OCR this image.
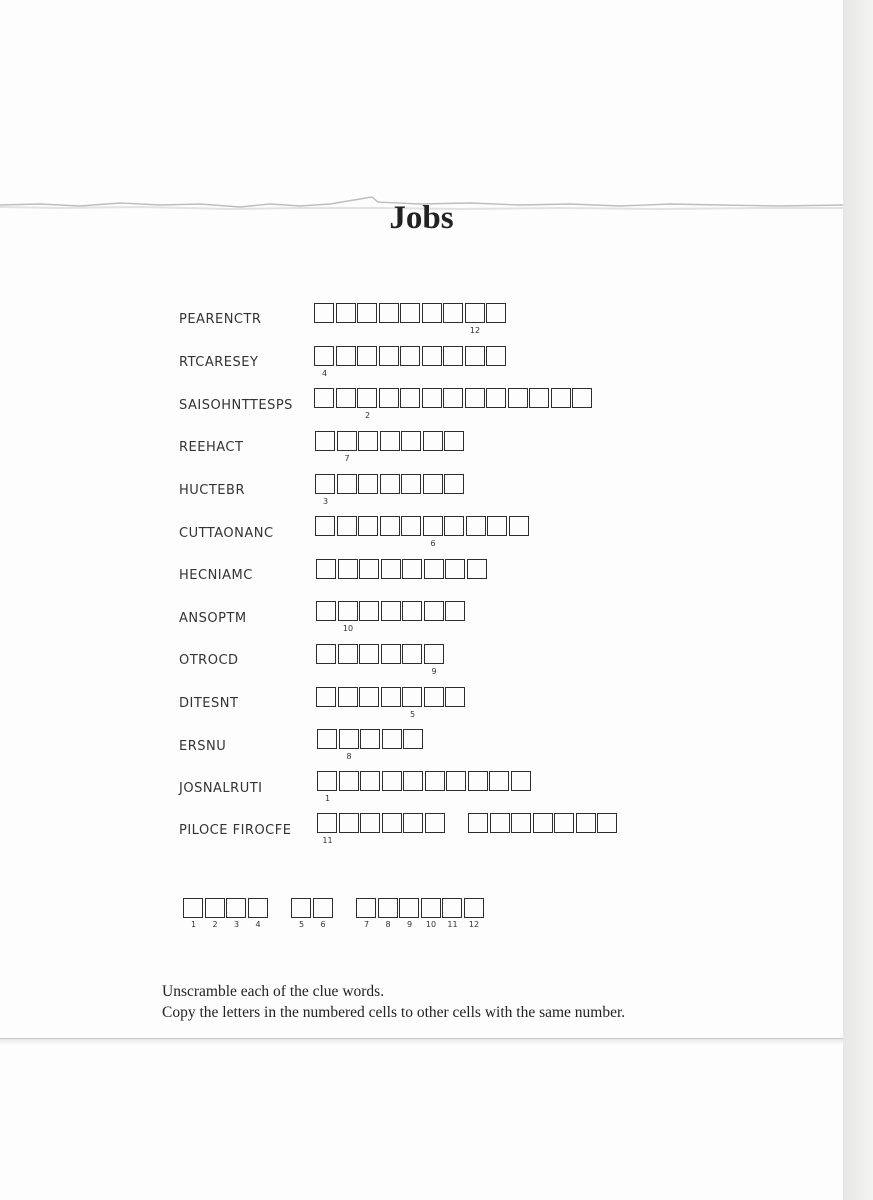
Jobs
PEARENCTR
12
RTCARESEY
4
SAISOHNTTESPS
2
REEHACT
7
HUCTEBR
3
CUTTAONANC
6
HECNIAMC
ANSOPTM
10
OTROCD
9
DITESNT
5
ERSNU
8
JOSNALRUTI
1
PILOCE FIROCFE
11
1	2	3	4	5	6	7	8	9	10	11	12
Unscramble each of the clue words.
Copy the letters in the numbered cells to other cells with the same number.
